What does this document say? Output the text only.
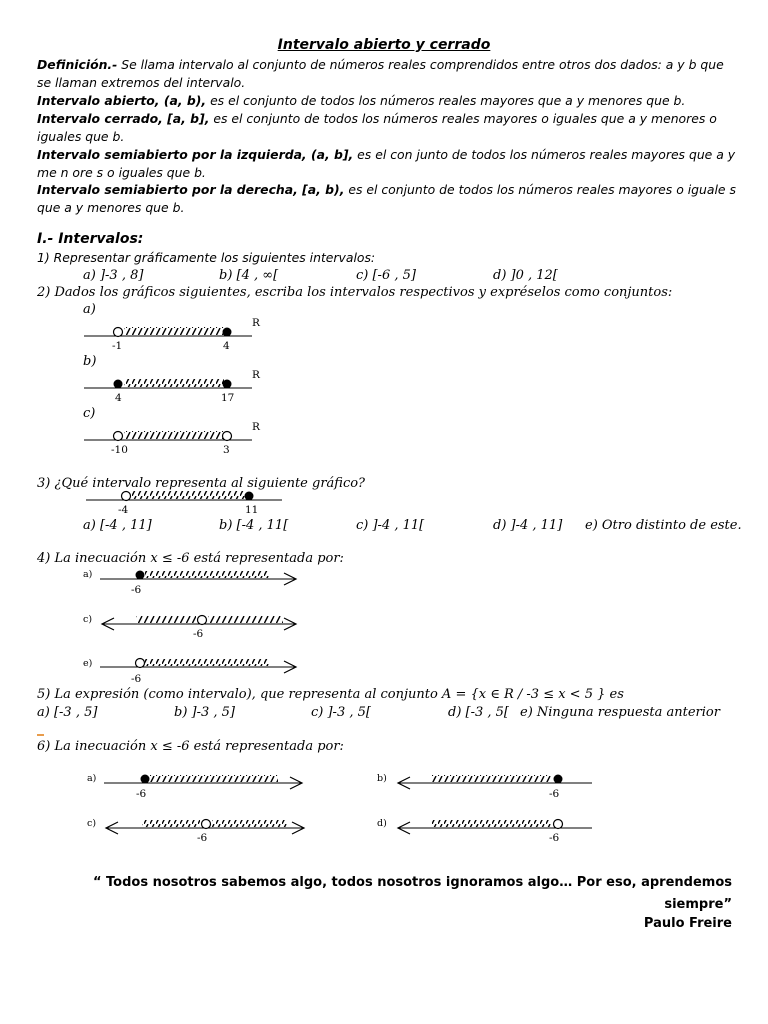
Intervalo abierto y cerrado
Definición.- Se llama intervalo al conjunto de números reales comprendidos entre otros dos dados: a y b que se llaman extremos del intervalo.
Intervalo abierto, (a, b), es el conjunto de todos los números reales mayores que a y menores que b.
Intervalo cerrado, [a, b], es el conjunto de todos los números reales mayores o iguales que a y menores o iguales que b.
Intervalo semiabierto por la izquierda, (a, b], es el con junto de todos los números reales mayores que a y me n ore s o iguales que b.
Intervalo semiabierto por la derecha, [a, b), es el conjunto de todos los números reales mayores o iguale s que a y menores que b.
I.- Intervalos:
1) Representar gráficamente los siguientes intervalos:
a) ]-3 , 8]	b) [4 , ∞[	c) [-6 , 5]	d) ]0 , 12[
2) Dados los gráficos siguientes, escriba los intervalos respectivos y expréselos como conjuntos:
a)
R
-1	4
b)
R
4	17
c)
R
-10	3
3) ¿Qué intervalo representa al siguiente gráfico?
-4	11
a) [-4 , 11]	b) [-4 , 11[	c) ]-4 , 11[	d) ]-4 , 11] e) Otro distinto de este.
4) La inecuación x ≤ -6 está representada por:
a)
-6
c)
-6
e)
-6
5) La expresión (como intervalo), que representa al conjunto A = {x ∈ R / -3 ≤ x < 5 } es
a) [-3 , 5]	b) ]-3 , 5]	c) ]-3 , 5[	d) [-3 , 5[ e) Ninguna respuesta anterior
6) La inecuación x ≤ -6 está representada por:
a)
-6
b)
-6
c)
-6
d)
-6
“ Todos nosotros sabemos algo, todos nosotros ignoramos algo… Por eso, aprendemos siempre”
Paulo Freire
